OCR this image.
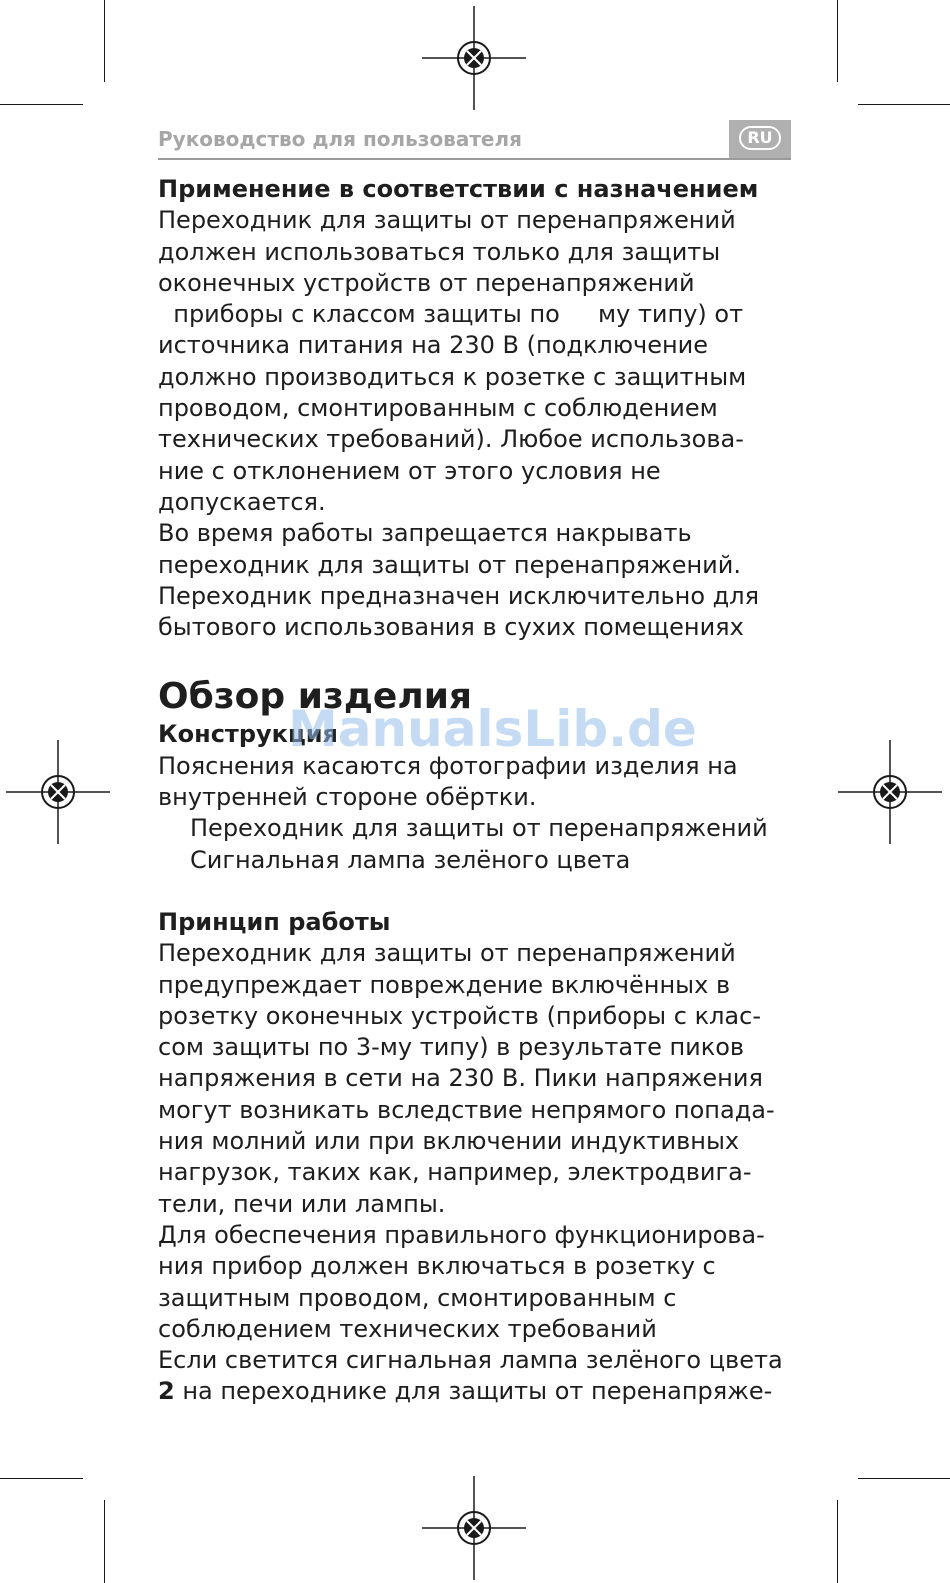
Руководство для пользователя	RU

Применение в соответствии с назначением

Переходник для защиты от перенапряжений

должен использоваться только для защиты

оконечных устройств от перенапряжений

приборы с классом защиты по     му типу) от

источника питания на 230 В (подключение

должно производиться к розетке с защитным

проводом, смонтированным с соблюдением

технических требований). Любое использова-

ние с отклонением от этого условия не

допускается.

Во время работы запрещается накрывать

переходник для защиты от перенапряжений.

Переходник предназначен исключительно для

бытового использования в сухих помещениях

Обзор изделия

Конструкция

Пояснения касаются фотографии изделия на

внутренней стороне обёртки.

Переходник для защиты от перенапряжений

Сигнальная лампа зелёного цвета

Принцип работы

Переходник для защиты от перенапряжений

предупреждает повреждение включённых в

розетку оконечных устройств (приборы с клас-

сом защиты по 3-му типу) в результате пиков

напряжения в сети на 230 В. Пики напряжения

могут возникать вследствие непрямого попада-

ния молний или при включении индуктивных

нагрузок, таких как, например, электродвига-

тели, печи или лампы.

Для обеспечения правильного функционирова-

ния прибор должен включаться в розетку с

защитным проводом, смонтированным с

соблюдением технических требований

Если светится сигнальная лампа зелёного цвета

2 на переходнике для защиты от перенапряже-

ManualsLib.de
